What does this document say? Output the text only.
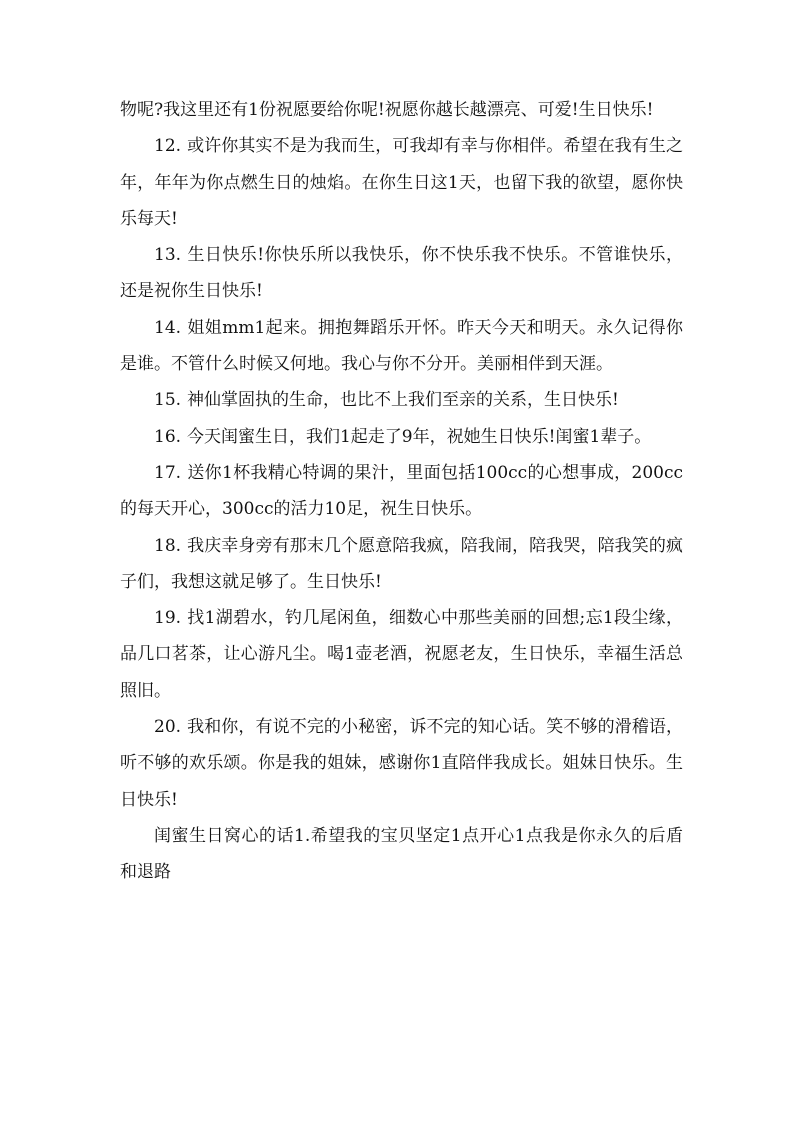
物呢?我这里还有1份祝愿要给你呢!祝愿你越长越漂亮、可爱!生日快乐!

12. 或许你其实不是为我而生，可我却有幸与你相伴。希望在我有生之年，年年为你点燃生日的烛焰。在你生日这1天，也留下我的欲望，愿你快乐每天!

13. 生日快乐!你快乐所以我快乐，你不快乐我不快乐。不管谁快乐，还是祝你生日快乐!

14. 姐姐mm1起来。拥抱舞蹈乐开怀。昨天今天和明天。永久记得你是谁。不管什么时候又何地。我心与你不分开。美丽相伴到天涯。

15. 神仙掌固执的生命，也比不上我们至亲的关系，生日快乐!

16. 今天闺蜜生日，我们1起走了9年，祝她生日快乐!闺蜜1辈子。

17. 送你1杯我精心特调的果汁，里面包括100cc的心想事成，200cc的每天开心，300cc的活力10足，祝生日快乐。

18. 我庆幸身旁有那末几个愿意陪我疯，陪我闹，陪我哭，陪我笑的疯子们，我想这就足够了。生日快乐!

19. 找1湖碧水，钓几尾闲鱼，细数心中那些美丽的回想;忘1段尘缘，品几口茗茶，让心游凡尘。喝1壶老酒，祝愿老友，生日快乐，幸福生活总照旧。

20. 我和你，有说不完的小秘密，诉不完的知心话。笑不够的滑稽语，听不够的欢乐颂。你是我的姐妹，感谢你1直陪伴我成长。姐妹日快乐。生日快乐!

闺蜜生日窝心的话1.希望我的宝贝坚定1点开心1点我是你永久的后盾和退路
